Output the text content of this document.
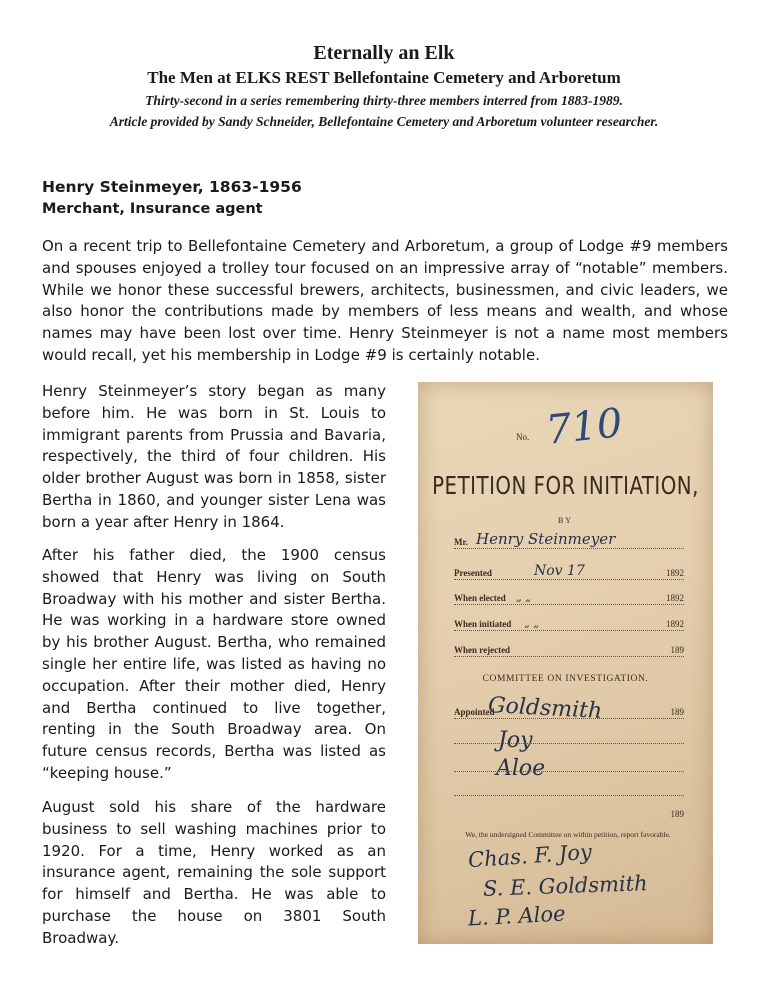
Eternally an Elk
The Men at ELKS REST Bellefontaine Cemetery and Arboretum
Thirty-second in a series remembering thirty-three members interred from 1883-1989.
Article provided by Sandy Schneider, Bellefontaine Cemetery and Arboretum volunteer researcher.
Henry Steinmeyer, 1863-1956
Merchant, Insurance agent

On a recent trip to Bellefontaine Cemetery and Arboretum, a group of Lodge #9 members and spouses enjoyed a trolley tour focused on an impressive array of “notable” members. While we honor these successful brewers, architects, businessmen, and civic leaders, we also honor the contributions made by members of less means and wealth, and whose names may have been lost over time. Henry Steinmeyer is not a name most members would recall, yet his membership in Lodge #9 is certainly notable.

Henry Steinmeyer’s story began as many before him. He was born in St. Louis to immigrant parents from Prussia and Bavaria, respectively, the third of four children. His older brother August was born in 1858, sister Bertha in 1860, and younger sister Lena was born a year after Henry in 1864.

After his father died, the 1900 census showed that Henry was living on South Broadway with his mother and sister Bertha. He was working in a hardware store owned by his brother August. Bertha, who remained single her entire life, was listed as having no occupation. After their mother died, Henry and Bertha continued to live together, renting in the South Broadway area. On future census records, Bertha was listed as “keeping house.”

August sold his share of the hardware business to sell washing machines prior to 1920. For a time, Henry worked as an insurance agent, remaining the sole support for himself and Bertha. He was able to purchase the house on 3801 South Broadway.

No. 710
PETITION FOR INITIATION,
BY
Mr. Henry Steinmeyer
Presented	Nov 17	1892
When elected „ „	1892
When initiated „ „	1892
When rejected	189
COMMITTEE ON INVESTIGATION.
Appointed	189
Goldsmith
Joy
Aloe
189
We, the undersigned Committee on within petition, report favorable.
Chas. F. Joy
S. E. Goldsmith
L. P. Aloe
